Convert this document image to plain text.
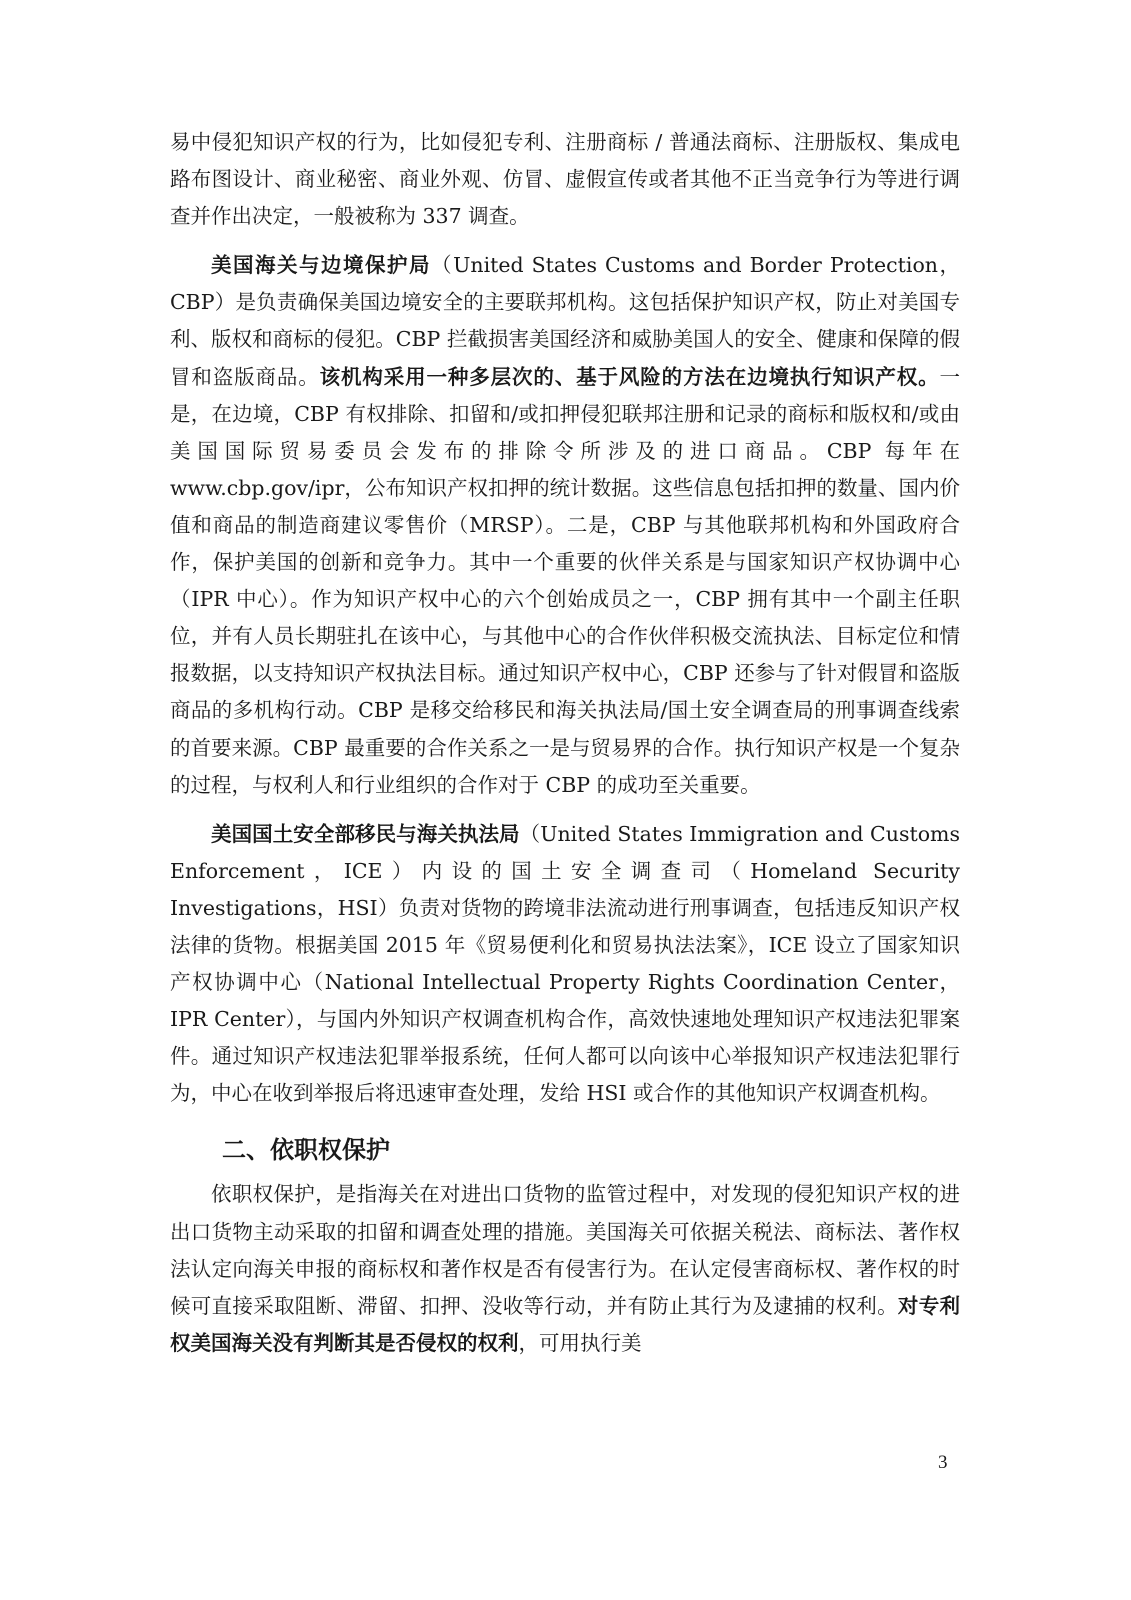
易中侵犯知识产权的行为，比如侵犯专利、注册商标 / 普通法商标、注册版权、集成电路布图设计、商业秘密、商业外观、仿冒、虚假宣传或者其他不正当竞争行为等进行调查并作出决定，一般被称为 337 调查。

美国海关与边境保护局（United States Customs and Border Protection，CBP）是负责确保美国边境安全的主要联邦机构。这包括保护知识产权，防止对美国专利、版权和商标的侵犯。CBP 拦截损害美国经济和威胁美国人的安全、健康和保障的假冒和盗版商品。该机构采用一种多层次的、基于风险的方法在边境执行知识产权。一是，在边境，CBP 有权排除、扣留和/或扣押侵犯联邦注册和记录的商标和版权和/或由美国国际贸易委员会发布的排除令所涉及的进口商品。CBP 每年在 www.cbp.gov/ipr，公布知识产权扣押的统计数据。这些信息包括扣押的数量、国内价值和商品的制造商建议零售价（MRSP）。二是，CBP 与其他联邦机构和外国政府合作，保护美国的创新和竞争力。其中一个重要的伙伴关系是与国家知识产权协调中心（IPR 中心）。作为知识产权中心的六个创始成员之一，CBP 拥有其中一个副主任职位，并有人员长期驻扎在该中心，与其他中心的合作伙伴积极交流执法、目标定位和情报数据，以支持知识产权执法目标。通过知识产权中心，CBP 还参与了针对假冒和盗版商品的多机构行动。CBP 是移交给移民和海关执法局/国土安全调查局的刑事调查线索的首要来源。CBP 最重要的合作关系之一是与贸易界的合作。执行知识产权是一个复杂的过程，与权利人和行业组织的合作对于 CBP 的成功至关重要。

美国国土安全部移民与海关执法局（United States Immigration and Customs Enforcement，ICE）内设的国土安全调查司（Homeland Security Investigations，HSI）负责对货物的跨境非法流动进行刑事调查，包括违反知识产权法律的货物。根据美国 2015 年《贸易便利化和贸易执法法案》，ICE 设立了国家知识产权协调中心（National Intellectual Property Rights Coordination Center，IPR Center），与国内外知识产权调查机构合作，高效快速地处理知识产权违法犯罪案件。通过知识产权违法犯罪举报系统，任何人都可以向该中心举报知识产权违法犯罪行为，中心在收到举报后将迅速审查处理，发给 HSI 或合作的其他知识产权调查机构。

二、依职权保护

依职权保护，是指海关在对进出口货物的监管过程中，对发现的侵犯知识产权的进出口货物主动采取的扣留和调查处理的措施。美国海关可依据关税法、商标法、著作权法认定向海关申报的商标权和著作权是否有侵害行为。在认定侵害商标权、著作权的时候可直接采取阻断、滞留、扣押、没收等行动，并有防止其行为及逮捕的权利。对专利权美国海关没有判断其是否侵权的权利，可用执行美

3
